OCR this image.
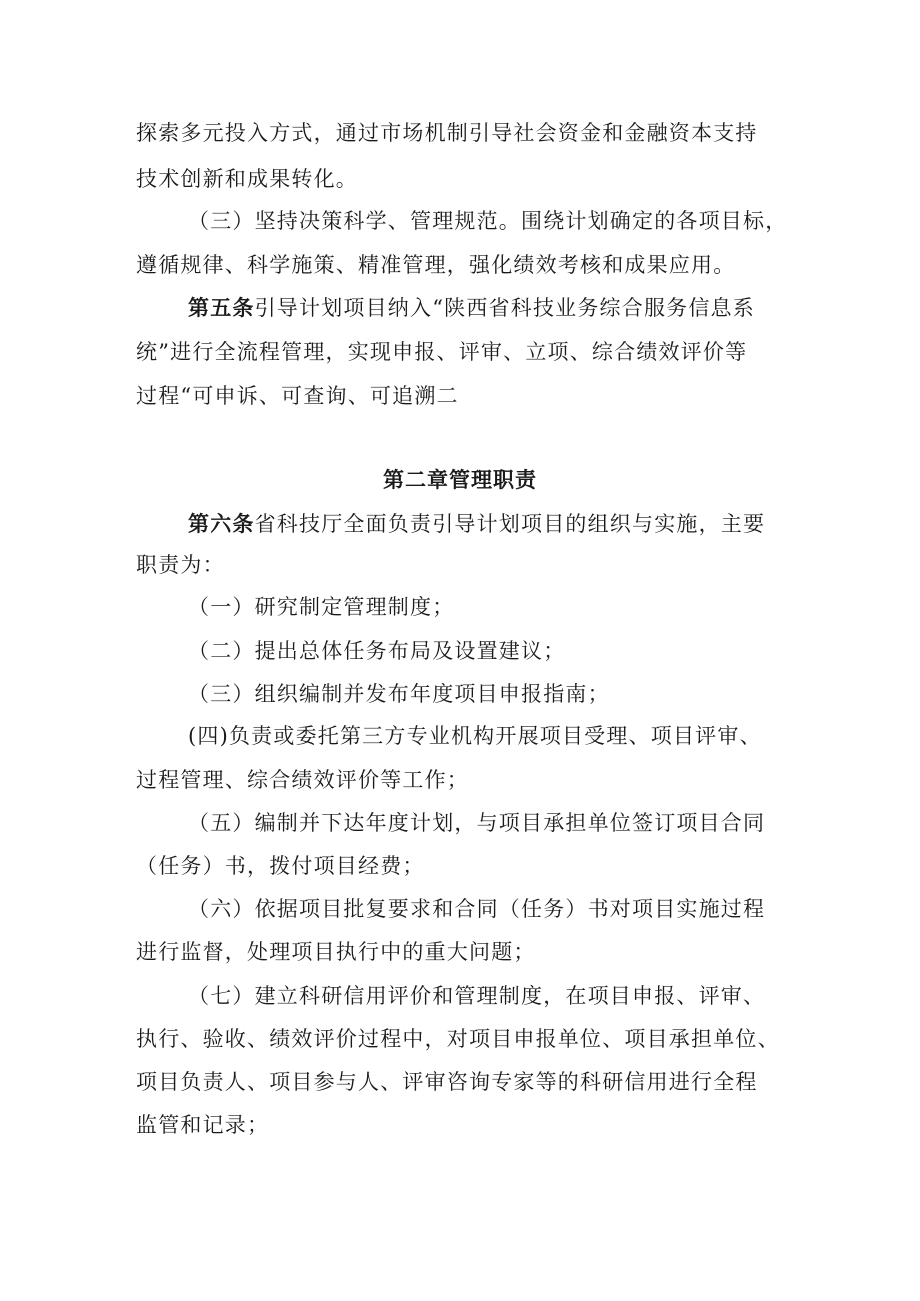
探索多元投入方式，通过市场机制引导社会资金和金融资本支持
技术创新和成果转化。
（三）坚持决策科学、管理规范。围绕计划确定的各项目标，
遵循规律、科学施策、精准管理，强化绩效考核和成果应用。
第五条引导计划项目纳入“陕西省科技业务综合服务信息系
统”进行全流程管理，实现申报、评审、立项、综合绩效评价等
过程“可申诉、可查询、可追溯二
第二章管理职责
第六条省科技厅全面负责引导计划项目的组织与实施，主要
职责为：
（一）研究制定管理制度；
（二）提出总体任务布局及设置建议；
（三）组织编制并发布年度项目申报指南；
(四)负责或委托第三方专业机构开展项目受理、项目评审、
过程管理、综合绩效评价等工作；
（五）编制并下达年度计划，与项目承担单位签订项目合同
（任务）书，拨付项目经费；
（六）依据项目批复要求和合同（任务）书对项目实施过程
进行监督，处理项目执行中的重大问题；
（七）建立科研信用评价和管理制度，在项目申报、评审、
执行、验收、绩效评价过程中，对项目申报单位、项目承担单位、
项目负责人、项目参与人、评审咨询专家等的科研信用进行全程
监管和记录；
